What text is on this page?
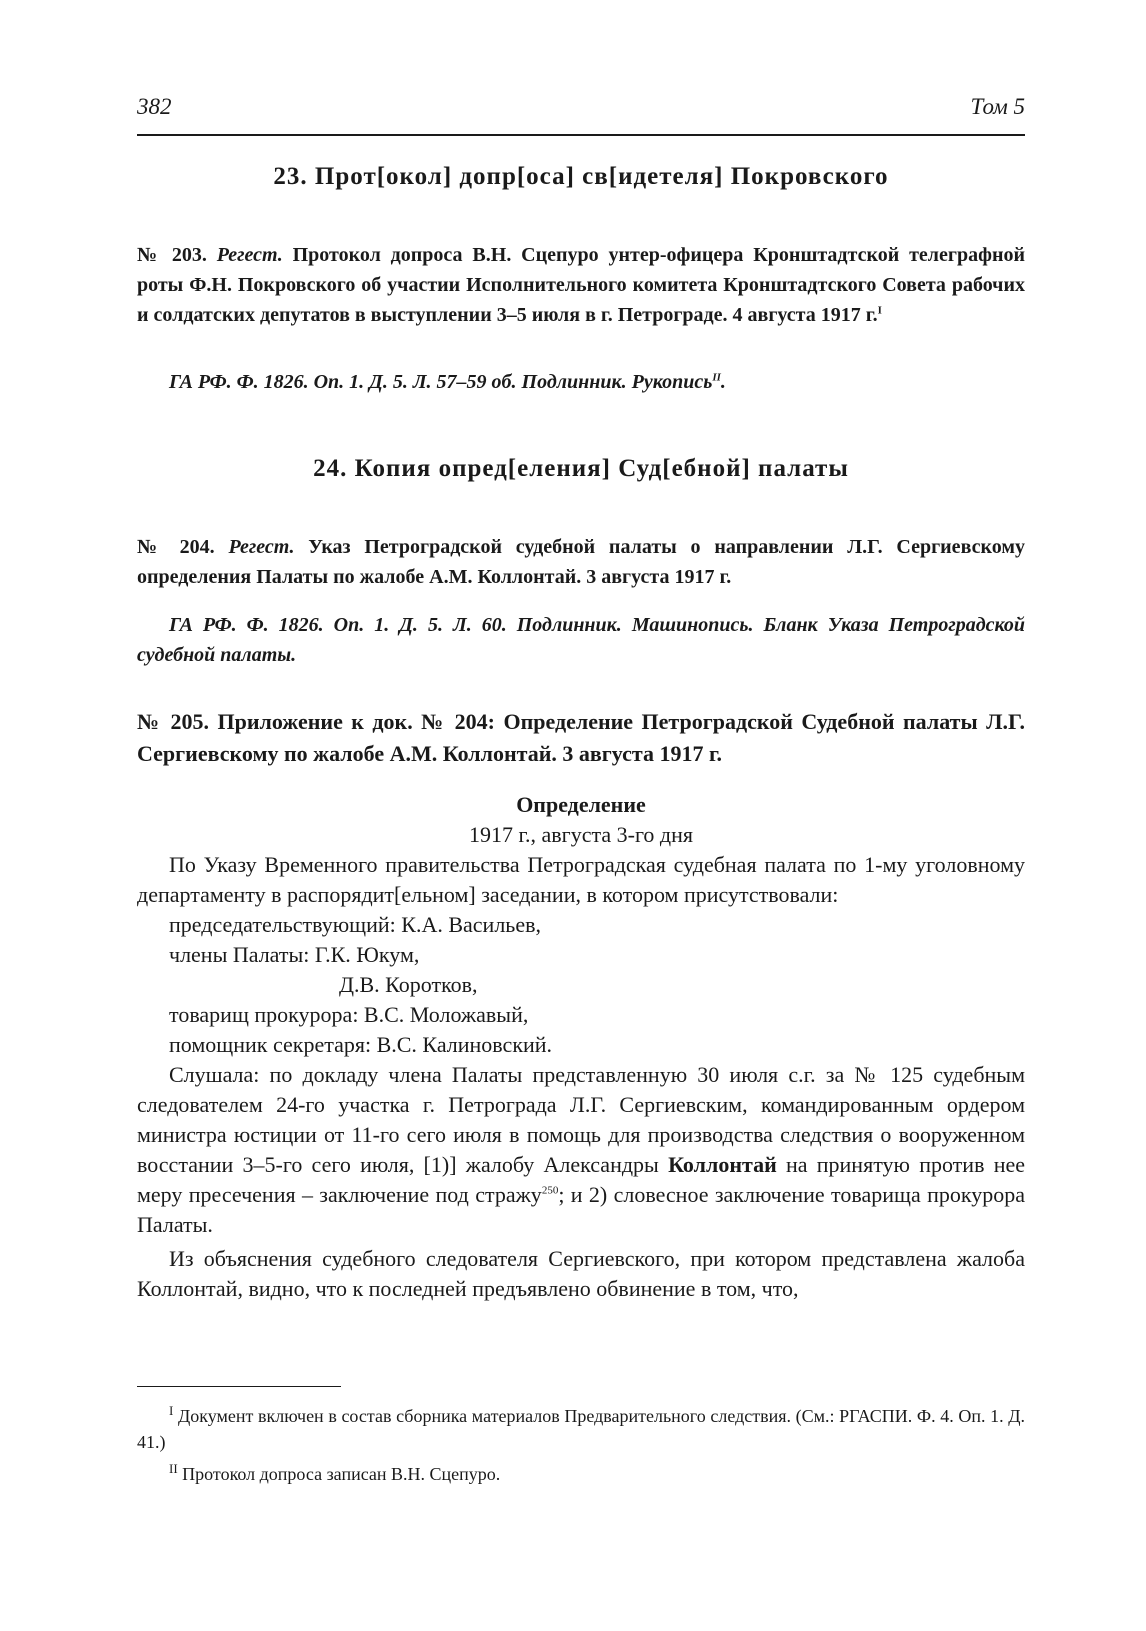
382	Том 5
23. Прот[окол] допр[оса] св[идетеля] Покровского
№ 203. Регест. Протокол допроса В.Н. Сцепуро унтер-офицера Кронштадтской телеграфной роты Ф.Н. Покровского об участии Исполнительного комитета Кронштадтского Совета рабочих и солдатских депутатов в выступлении 3–5 июля в г. Петрограде. 4 августа 1917 г.$^I$
ГА РФ. Ф. 1826. Оп. 1. Д. 5. Л. 57–59 об. Подлинник. Рукопись$^{II}$.
24. Копия опред[еления] Суд[ебной] палаты
№ 204. Регест. Указ Петроградской судебной палаты о направлении Л.Г. Сергиевскому определения Палаты по жалобе А.М. Коллонтай. 3 августа 1917 г.
ГА РФ. Ф. 1826. Оп. 1. Д. 5. Л. 60. Подлинник. Машинопись. Бланк Указа Петроградской судебной палаты.
№ 205. Приложение к док. № 204: Определение Петроградской Судебной палаты Л.Г. Сергиевскому по жалобе А.М. Коллонтай. 3 августа 1917 г.
Определение
1917 г., августа 3-го дня
По Указу Временного правительства Петроградская судебная палата по 1-му уголовному департаменту в распорядит[ельном] заседании, в котором присутствовали:
председательствующий: К.А. Васильев,
члены Палаты: Г.К. Юкум,
Д.В. Коротков,
товарищ прокурора: В.С. Моложавый,
помощник секретаря: В.С. Калиновский.
Слушала: по докладу члена Палаты представленную 30 июля с.г. за № 125 судебным следователем 24-го участка г. Петрограда Л.Г. Сергиевским, командированным ордером министра юстиции от 11-го сего июля в помощь для производства следствия о вооруженном восстании 3–5-го сего июля, [1)] жалобу Александры Коллонтай на принятую против нее меру пресечения – заключение под стражу$^{250}$; и 2) словесное заключение товарища прокурора Палаты.
Из объяснения судебного следователя Сергиевского, при котором представлена жалоба Коллонтай, видно, что к последней предъявлено обвинение в том, что,
$^I$ Документ включен в состав сборника материалов Предварительного следствия. (См.: РГАСПИ. Ф. 4. Оп. 1. Д. 41.)
$^{II}$ Протокол допроса записан В.Н. Сцепуро.
